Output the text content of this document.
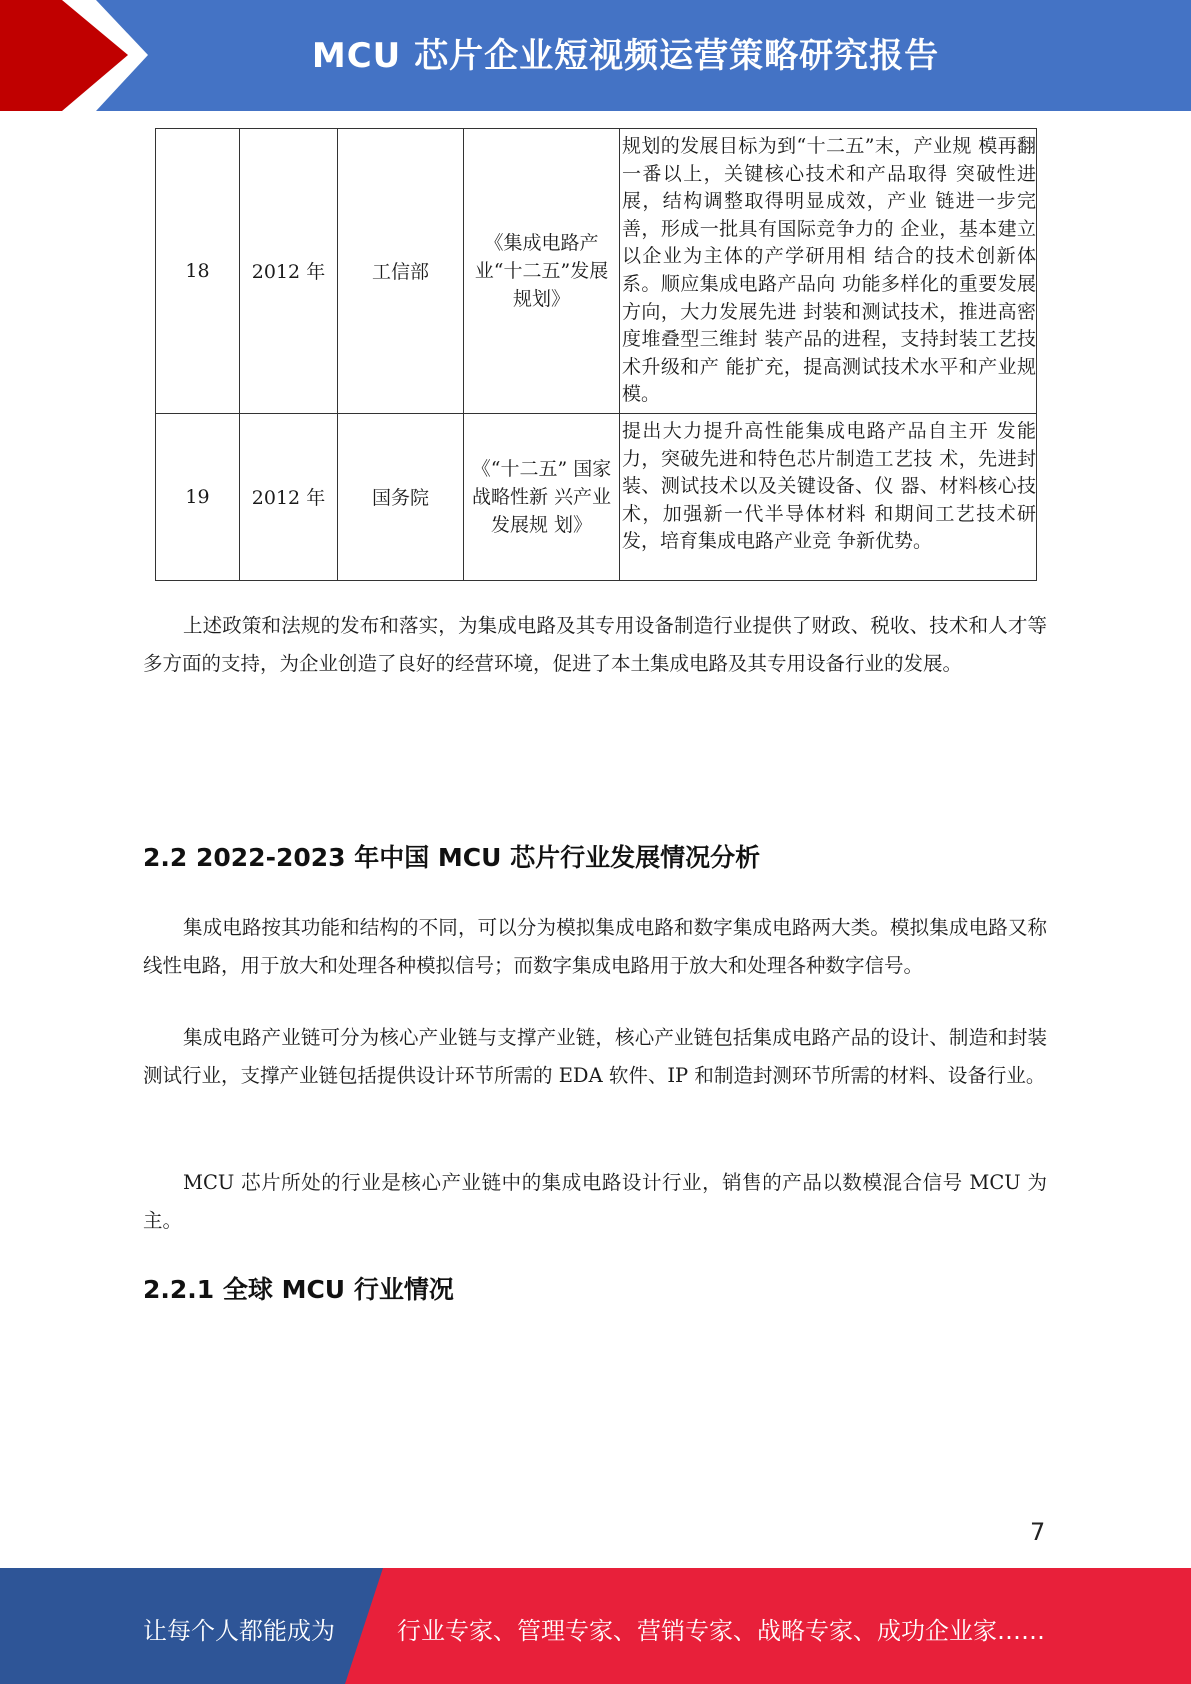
MCU 芯片企业短视频运营策略研究报告
18	2012 年	工信部	《集成电路产业“十二五”发展规划》	规划的发展目标为到“十二五”末，产业规 模再翻一番以上，关键核心技术和产品取得 突破性进展，结构调整取得明显成效，产业 链进一步完善，形成一批具有国际竞争力的 企业，基本建立以企业为主体的产学研用相 结合的技术创新体系。顺应集成电路产品向 功能多样化的重要发展方向，大力发展先进 封装和测试技术，推进高密度堆叠型三维封 装产品的进程，支持封装工艺技术升级和产 能扩充，提高测试技术水平和产业规模。
19	2012 年	国务院	《“十二五” 国家战略性新 兴产业发展规 划》	提出大力提升高性能集成电路产品自主开 发能力，突破先进和特色芯片制造工艺技 术，先进封装、测试技术以及关键设备、仪 器、材料核心技术，加强新一代半导体材料 和期间工艺技术研发，培育集成电路产业竞 争新优势。

上述政策和法规的发布和落实，为集成电路及其专用设备制造行业提供了财政、税收、技术和人才等多方面的支持，为企业创造了良好的经营环境，促进了本土集成电路及其专用设备行业的发展。

2.2 2022-2023 年中国 MCU 芯片行业发展情况分析

集成电路按其功能和结构的不同，可以分为模拟集成电路和数字集成电路两大类。模拟集成电路又称线性电路，用于放大和处理各种模拟信号；而数字集成电路用于放大和处理各种数字信号。

集成电路产业链可分为核心产业链与支撑产业链，核心产业链包括集成电路产品的设计、制造和封装测试行业，支撑产业链包括提供设计环节所需的 EDA 软件、IP 和制造封测环节所需的材料、设备行业。

MCU 芯片所处的行业是核心产业链中的集成电路设计行业，销售的产品以数模混合信号 MCU 为主。

2.2.1 全球 MCU 行业情况
7
让每个人都能成为	行业专家、管理专家、营销专家、战略专家、成功企业家……
